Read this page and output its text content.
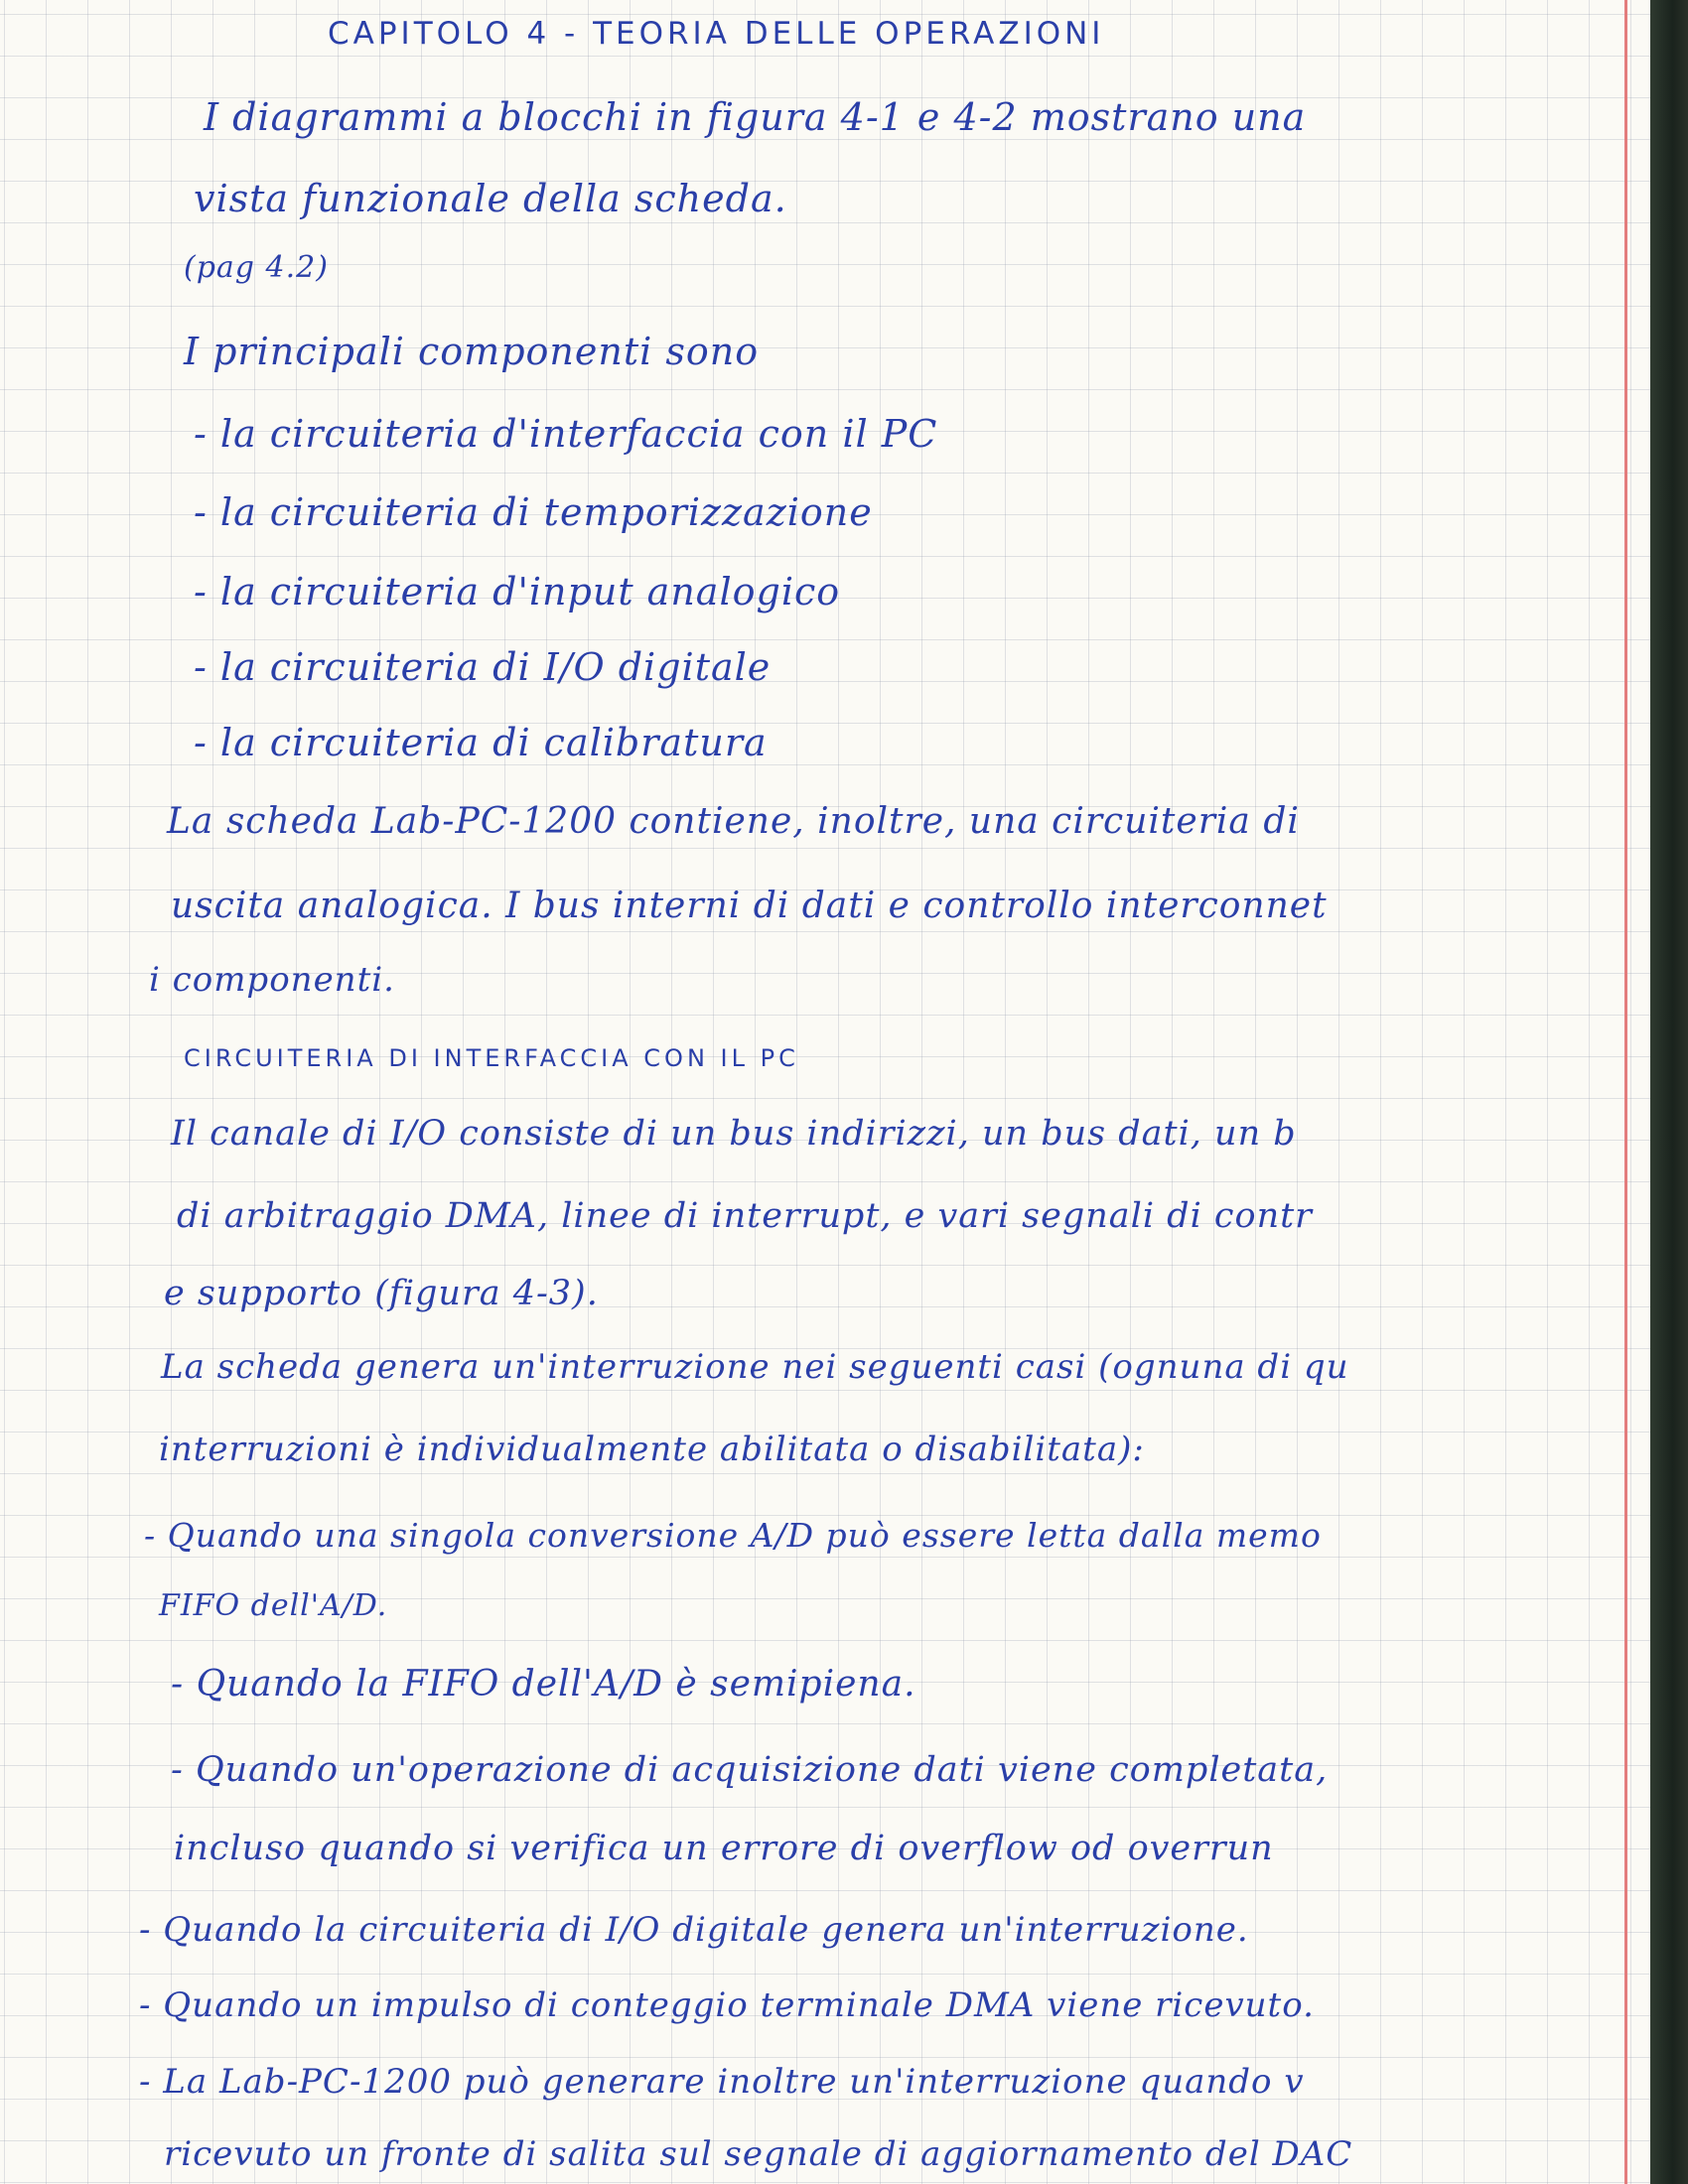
CAPITOLO 4 - TEORIA DELLE OPERAZIONI
I diagrammi a blocchi in figura 4-1 e 4-2 mostrano una
vista funzionale della scheda.
(pag 4.2)
I principali componenti sono
- la circuiteria d'interfaccia con il PC
- la circuiteria di temporizzazione
- la circuiteria d'input analogico
- la circuiteria di I/O digitale
- la circuiteria di calibratura
La scheda Lab-PC-1200 contiene, inoltre, una circuiteria di
uscita analogica. I bus interni di dati e controllo interconnet
i componenti.
CIRCUITERIA DI INTERFACCIA CON IL PC
Il canale di I/O consiste di un bus indirizzi, un bus dati, un b
di arbitraggio DMA, linee di interrupt, e vari segnali di contr
e supporto (figura 4-3).
La scheda genera un'interruzione nei seguenti casi (ognuna di qu
interruzioni è individualmente abilitata o disabilitata):
- Quando una singola conversione A/D può essere letta dalla memo
FIFO dell'A/D.
- Quando la FIFO dell'A/D è semipiena.
- Quando un'operazione di acquisizione dati viene completata,
incluso quando si verifica un errore di overflow od overrun
- Quando la circuiteria di I/O digitale genera un'interruzione.
- Quando un impulso di conteggio terminale DMA viene ricevuto.
- La Lab-PC-1200 può generare inoltre un'interruzione quando v
ricevuto un fronte di salita sul segnale di aggiornamento del DAC
